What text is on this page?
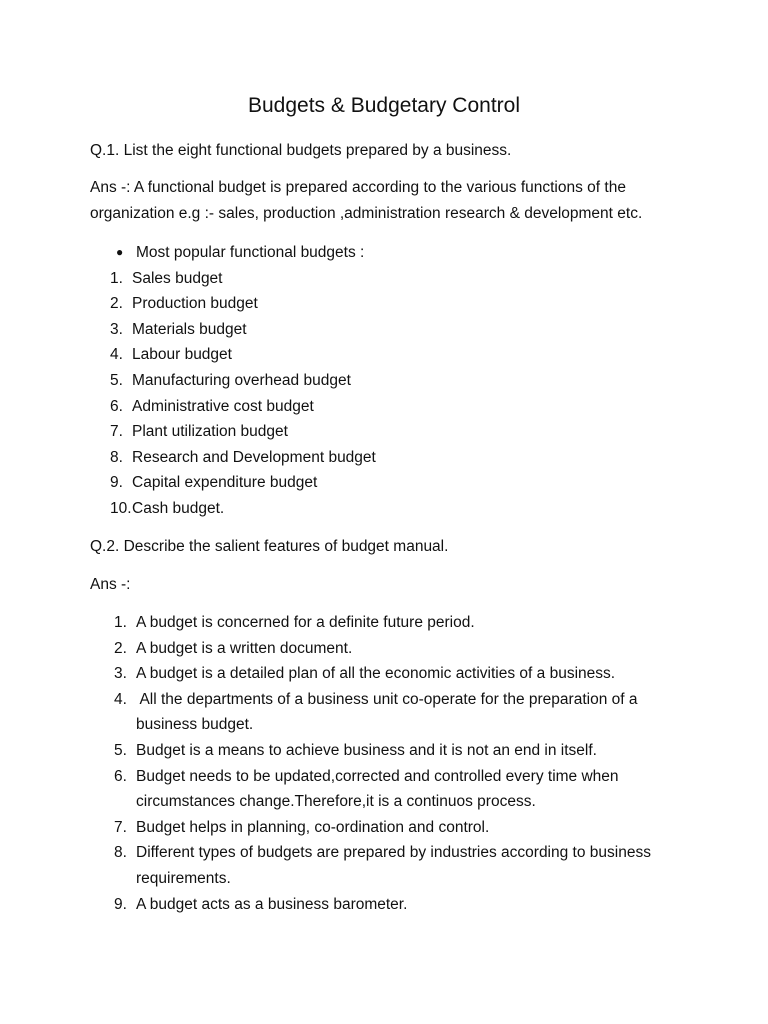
Budgets & Budgetary Control

Q.1. List the eight functional budgets prepared by a business.

Ans -: A functional budget is prepared according to the various functions of the

organization e.g :- sales, production ,administration research & development etc.

● Most popular functional budgets :
1. Sales budget
2. Production budget
3. Materials budget
4. Labour budget
5. Manufacturing overhead budget
6. Administrative cost budget
7. Plant utilization budget
8. Research and Development budget
9. Capital expenditure budget
10. Cash budget.

Q.2. Describe the salient features of budget manual.

Ans -:

1. A budget is concerned for a definite future period.
2. A budget is a written document.
3. A budget is a detailed plan of all the economic activities of a business.
4. All the departments of a business unit co-operate for the preparation of a
business budget.
5. Budget is a means to achieve business and it is not an end in itself.
6. Budget needs to be updated,corrected and controlled every time when
circumstances change.Therefore,it is a continuos process.
7. Budget helps in planning, co-ordination and control.
8. Different types of budgets are prepared by industries according to business
requirements.
9. A budget acts as a business barometer.
